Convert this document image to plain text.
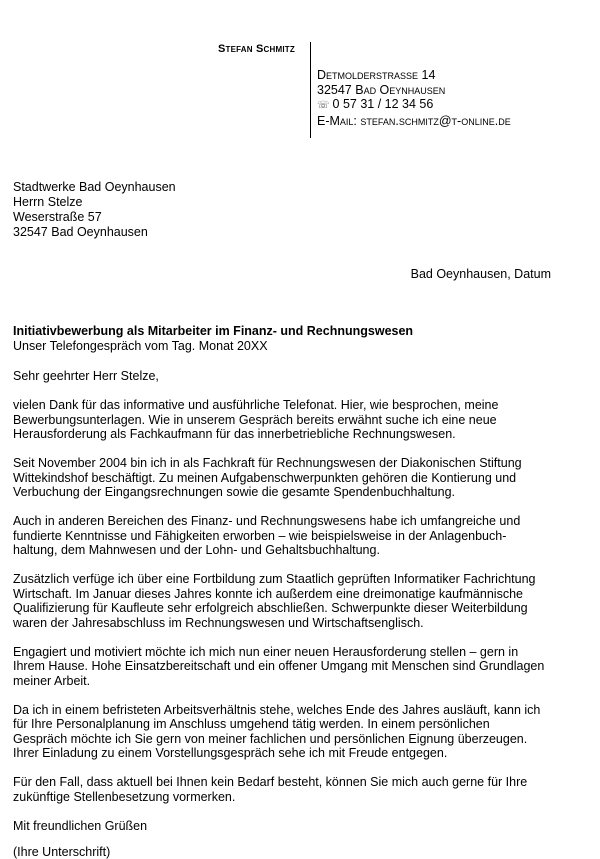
Stefan Schmitz
Detmolderstrasse 14
32547 Bad Oeynhausen
☏ 0 57 31 / 12 34 56
E-Mail: stefan.schmitz@t-online.de
Stadtwerke Bad Oeynhausen
Herrn Stelze
Weserstraße 57
32547 Bad Oeynhausen
Bad Oeynhausen, Datum
Initiativbewerbung als Mitarbeiter im Finanz- und Rechnungswesen
Unser Telefongespräch vom Tag. Monat 20XX

Sehr geehrter Herr Stelze,

vielen Dank für das informative und ausführliche Telefonat. Hier, wie besprochen, meine
Bewerbungsunterlagen. Wie in unserem Gespräch bereits erwähnt suche ich eine neue
Herausforderung als Fachkaufmann für das innerbetriebliche Rechnungswesen.

Seit November 2004 bin ich in als Fachkraft für Rechnungswesen der Diakonischen Stiftung
Wittekindshof beschäftigt. Zu meinen Aufgabenschwerpunkten gehören die Kontierung und
Verbuchung der Eingangsrechnungen sowie die gesamte Spendenbuchhaltung.

Auch in anderen Bereichen des Finanz- und Rechnungswesens habe ich umfangreiche und
fundierte Kenntnisse und Fähigkeiten erworben – wie beispielsweise in der Anlagenbuch-
haltung, dem Mahnwesen und der Lohn- und Gehaltsbuchhaltung.

Zusätzlich verfüge ich über eine Fortbildung zum Staatlich geprüften Informatiker Fachrichtung
Wirtschaft. Im Januar dieses Jahres konnte ich außerdem eine dreimonatige kaufmännische
Qualifizierung für Kaufleute sehr erfolgreich abschließen. Schwerpunkte dieser Weiterbildung
waren der Jahresabschluss im Rechnungswesen und Wirtschaftsenglisch.

Engagiert und motiviert möchte ich mich nun einer neuen Herausforderung stellen – gern in
Ihrem Hause. Hohe Einsatzbereitschaft und ein offener Umgang mit Menschen sind Grundlagen
meiner Arbeit.

Da ich in einem befristeten Arbeitsverhältnis stehe, welches Ende des Jahres ausläuft, kann ich
für Ihre Personalplanung im Anschluss umgehend tätig werden. In einem persönlichen
Gespräch möchte ich Sie gern von meiner fachlichen und persönlichen Eignung überzeugen.
Ihrer Einladung zu einem Vorstellungsgespräch sehe ich mit Freude entgegen.

Für den Fall, dass aktuell bei Ihnen kein Bedarf besteht, können Sie mich auch gerne für Ihre
zukünftige Stellenbesetzung vormerken.

Mit freundlichen Grüßen

(Ihre Unterschrift)
